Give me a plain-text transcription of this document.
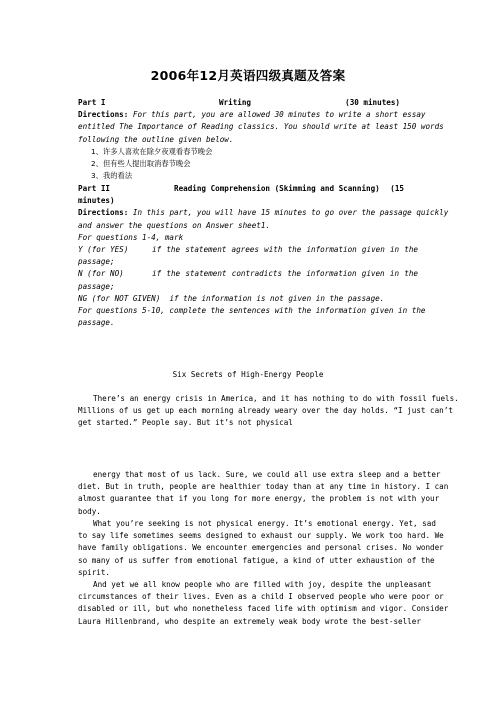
2006年12月英语四级真题及答案
Part I	Writing	(30 minutes)
Directions: For this part, you are allowed 30 minutes to write a short essay
entitled The Importance of Reading classics. You should write at least 150 words
following the outline given below.
1、许多人喜欢在除夕夜观看春节晚会
2、但有些人提出取消春节晚会
3、我的看法
Part II	Reading Comprehension (Skimming and Scanning)	(15
minutes)
Directions: In this part, you will have 15 minutes to go over the passage quickly
and answer the questions on Answer sheet1.
For questions 1-4, mark
Y (for YES)	if the statement agrees with the information given in the
passage;
N (for NO)	if the statement contradicts the information given in the
passage;
NG (for NOT GIVEN) if the information is not given in the passage.
For questions 5-10, complete the sentences with the information given in the
passage.
Six Secrets of High-Energy People
There’s an energy crisis in America, and it has nothing to do with fossil fuels.
Millions of us get up each morning already weary over the day holds. “I just can’t
get started.” People say. But it’s not physical
energy that most of us lack. Sure, we could all use extra sleep and a better
diet. But in truth, people are healthier today than at any time in history. I can
almost guarantee that if you long for more energy, the problem is not with your
body.
What you’re seeking is not physical energy. It’s emotional energy. Yet, sad
to say life sometimes seems designed to exhaust our supply. We work too hard. We
have family obligations. We encounter emergencies and personal crises. No wonder
so many of us suffer from emotional fatigue, a kind of utter exhaustion of the
spirit.
And yet we all know people who are filled with joy, despite the unpleasant
circumstances of their lives. Even as a child I observed people who were poor or
disabled or ill, but who nonetheless faced life with optimism and vigor. Consider
Laura Hillenbrand, who despite an extremely weak body wrote the best-seller
